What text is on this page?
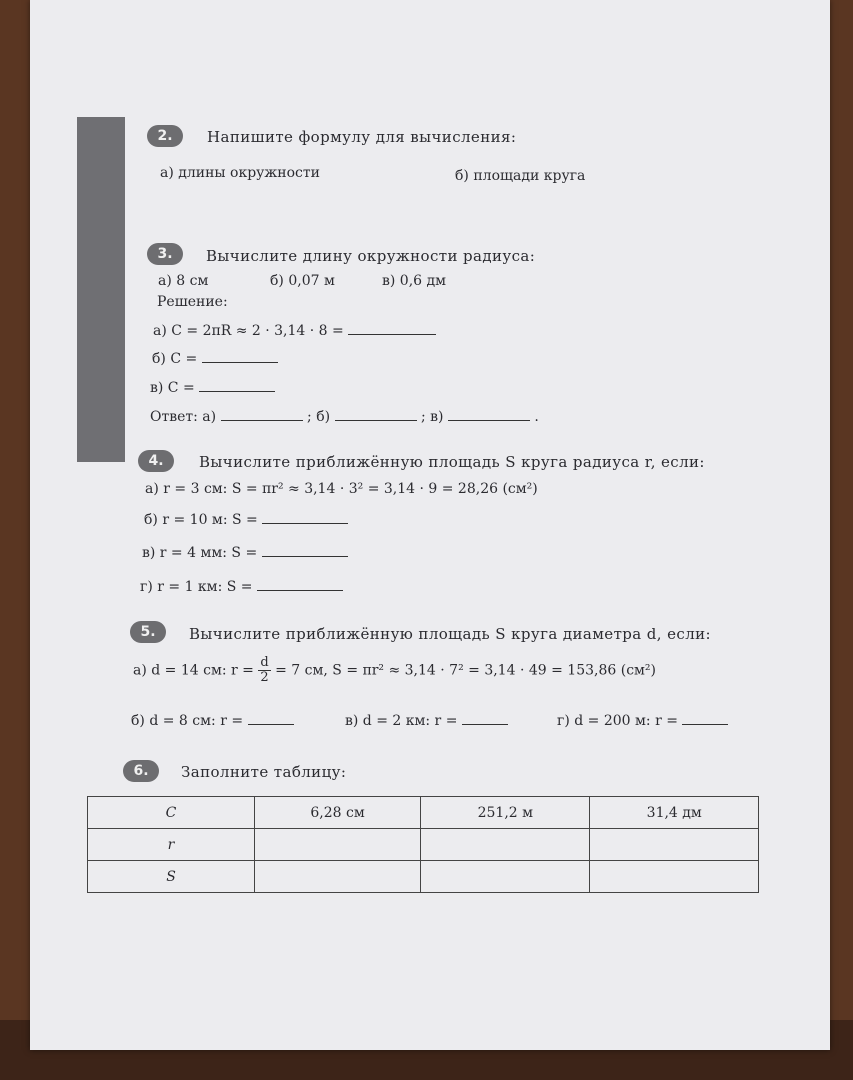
2.	Напишите формулу для вычисления:
а) длины окружности	б) площади круга
3.	Вычислите длину окружности радиуса:
а) 8 см	б) 0,07 м	в) 0,6 дм
Решение:
а) C = 2πR ≈ 2 · 3,14 · 8 =
б) C =
в) C =
Ответ: а)	; б)	; в)	.
4.	Вычислите приближённую площадь S круга радиуса r, если:
а) r = 3 см: S = πr² ≈ 3,14 · 3² = 3,14 · 9 = 28,26 (см²)
б) r = 10 м: S =
в) r = 4 мм: S =
г) r = 1 км: S =
5.	Вычислите приближённую площадь S круга диаметра d, если:
а) d = 14 см: $r = \frac{d}{2} = 7$ см, S = πr² ≈ 3,14 · 7² = 3,14 · 49 = 153,86 (см²)
б) d = 8 см: r =	в) d = 2 км: r =	г) d = 200 м: r =
6.	Заполните таблицу:
C	6,28 см	251,2 м	31,4 дм
r			
S			
